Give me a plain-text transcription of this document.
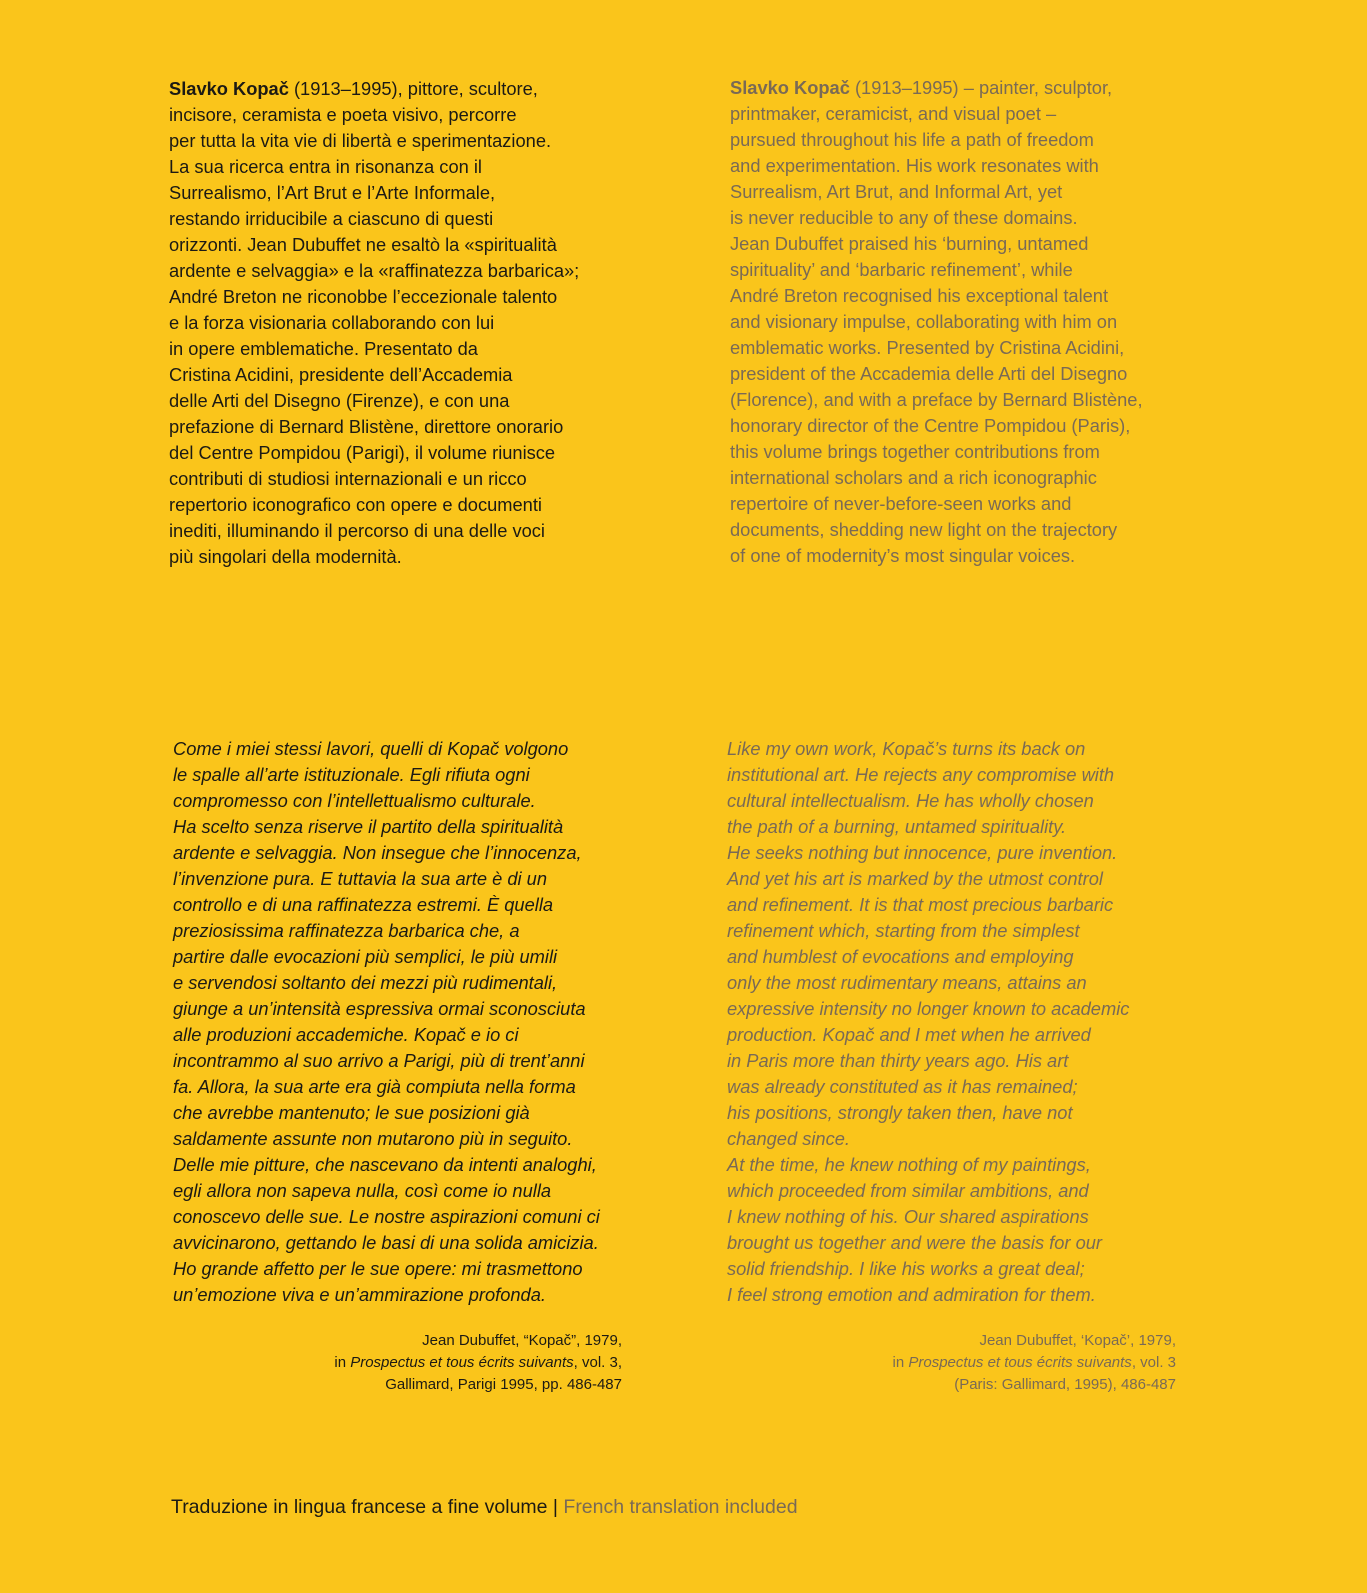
Slavko Kopač (1913–1995), pittore, scultore,
incisore, ceramista e poeta visivo, percorre
per tutta la vita vie di libertà e sperimentazione.
La sua ricerca entra in risonanza con il
Surrealismo, l’Art Brut e l’Arte Informale,
restando irriducibile a ciascuno di questi
orizzonti. Jean Dubuffet ne esaltò la «spiritualità
ardente e selvaggia» e la «raffinatezza barbarica»;
André Breton ne riconobbe l’eccezionale talento
e la forza visionaria collaborando con lui
in opere emblematiche. Presentato da
Cristina Acidini, presidente dell’Accademia
delle Arti del Disegno (Firenze), e con una
prefazione di Bernard Blistène, direttore onorario
del Centre Pompidou (Parigi), il volume riunisce
contributi di studiosi internazionali e un ricco
repertorio iconografico con opere e documenti
inediti, illuminando il percorso di una delle voci
più singolari della modernità.

Slavko Kopač (1913–1995) – painter, sculptor,
printmaker, ceramicist, and visual poet –
pursued throughout his life a path of freedom
and experimentation. His work resonates with
Surrealism, Art Brut, and Informal Art, yet
is never reducible to any of these domains.
Jean Dubuffet praised his ‘burning, untamed
spirituality’ and ‘barbaric refinement’, while
André Breton recognised his exceptional talent
and visionary impulse, collaborating with him on
emblematic works. Presented by Cristina Acidini,
president of the Accademia delle Arti del Disegno
(Florence), and with a preface by Bernard Blistène,
honorary director of the Centre Pompidou (Paris),
this volume brings together contributions from
international scholars and a rich iconographic
repertoire of never-before-seen works and
documents, shedding new light on the trajectory
of one of modernity’s most singular voices.

Come i miei stessi lavori, quelli di Kopač volgono
le spalle all’arte istituzionale. Egli rifiuta ogni
compromesso con l’intellettualismo culturale.
Ha scelto senza riserve il partito della spiritualità
ardente e selvaggia. Non insegue che l’innocenza,
l’invenzione pura. E tuttavia la sua arte è di un
controllo e di una raffinatezza estremi. È quella
preziosissima raffinatezza barbarica che, a
partire dalle evocazioni più semplici, le più umili
e servendosi soltanto dei mezzi più rudimentali,
giunge a un’intensità espressiva ormai sconosciuta
alle produzioni accademiche. Kopač e io ci
incontrammo al suo arrivo a Parigi, più di trent’anni
fa. Allora, la sua arte era già compiuta nella forma
che avrebbe mantenuto; le sue posizioni già
saldamente assunte non mutarono più in seguito.
Delle mie pitture, che nascevano da intenti analoghi,
egli allora non sapeva nulla, così come io nulla
conoscevo delle sue. Le nostre aspirazioni comuni ci
avvicinarono, gettando le basi di una solida amicizia.
Ho grande affetto per le sue opere: mi trasmettono
un’emozione viva e un’ammirazione profonda.

Like my own work, Kopač’s turns its back on
institutional art. He rejects any compromise with
cultural intellectualism. He has wholly chosen
the path of a burning, untamed spirituality.
He seeks nothing but innocence, pure invention.
And yet his art is marked by the utmost control
and refinement. It is that most precious barbaric
refinement which, starting from the simplest
and humblest of evocations and employing
only the most rudimentary means, attains an
expressive intensity no longer known to academic
production. Kopač and I met when he arrived
in Paris more than thirty years ago. His art
was already constituted as it has remained;
his positions, strongly taken then, have not
changed since.
At the time, he knew nothing of my paintings,
which proceeded from similar ambitions, and
I knew nothing of his. Our shared aspirations
brought us together and were the basis for our
solid friendship. I like his works a great deal;
I feel strong emotion and admiration for them.

Jean Dubuffet, “Kopač”, 1979,
in Prospectus et tous écrits suivants, vol. 3,
Gallimard, Parigi 1995, pp. 486-487

Jean Dubuffet, ‘Kopač’, 1979,
in Prospectus et tous écrits suivants, vol. 3
(Paris: Gallimard, 1995), 486-487

Traduzione in lingua francese a fine volume | French translation included
